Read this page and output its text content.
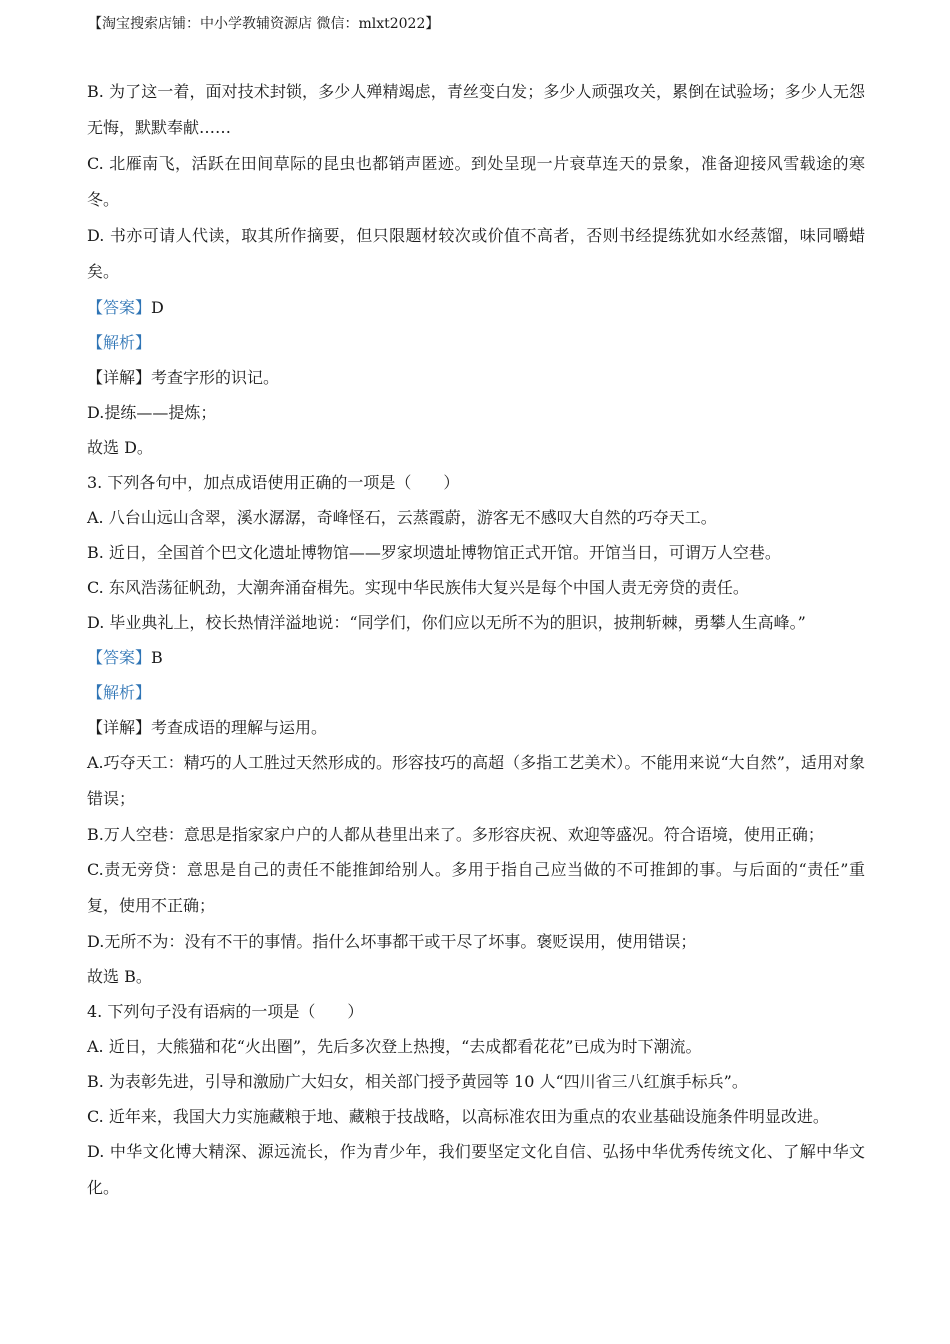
【淘宝搜索店铺：中小学教辅资源店 微信：mlxt2022】

B. 为了这一着，面对技术封锁，多少人殚精竭虑，青丝变白发；多少人顽强攻关，累倒在试验场；多少人无怨无悔，默默奉献……

C. 北雁南飞，活跃在田间草际的昆虫也都销声匿迹。到处呈现一片衰草连天的景象，准备迎接风雪载途的寒冬。

D. 书亦可请人代读，取其所作摘要，但只限题材较次或价值不高者，否则书经提练犹如水经蒸馏，味同嚼蜡矣。

【答案】D

【解析】

【详解】考查字形的识记。

D.提练——提炼；

故选 D。

3. 下列各句中，加点成语使用正确的一项是（　　）

A. 八台山远山含翠，溪水潺潺，奇峰怪石，云蒸霞蔚，游客无不感叹大自然的巧夺天工。

B. 近日，全国首个巴文化遗址博物馆——罗家坝遗址博物馆正式开馆。开馆当日，可谓万人空巷。

C. 东风浩荡征帆劲，大潮奔涌奋楫先。实现中华民族伟大复兴是每个中国人责无旁贷的责任。

D. 毕业典礼上，校长热情洋溢地说：“同学们，你们应以无所不为的胆识，披荆斩棘，勇攀人生高峰。”

【答案】B

【解析】

【详解】考查成语的理解与运用。

A.巧夺天工：精巧的人工胜过天然形成的。形容技巧的高超（多指工艺美术）。不能用来说“大自然”，适用对象错误；

B.万人空巷：意思是指家家户户的人都从巷里出来了。多形容庆祝、欢迎等盛况。符合语境，使用正确；

C.责无旁贷：意思是自己的责任不能推卸给别人。多用于指自己应当做的不可推卸的事。与后面的“责任”重复，使用不正确；

D.无所不为：没有不干的事情。指什么坏事都干或干尽了坏事。褒贬误用，使用错误；

故选 B。

4. 下列句子没有语病的一项是（　　）

A. 近日，大熊猫和花“火出圈”，先后多次登上热搜，“去成都看花花”已成为时下潮流。

B. 为表彰先进，引导和激励广大妇女，相关部门授予黄园等 10 人“四川省三八红旗手标兵”。

C. 近年来，我国大力实施藏粮于地、藏粮于技战略，以高标准农田为重点的农业基础设施条件明显改进。

D. 中华文化博大精深、源远流长，作为青少年，我们要坚定文化自信、弘扬中华优秀传统文化、了解中华文化。
